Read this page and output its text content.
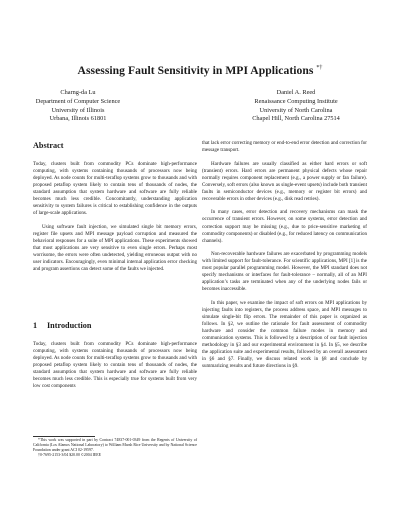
Assessing Fault Sensitivity in MPI Applications *†
Charng-da Lu
Department of Computer Science
University of Illinois
Urbana, Illinois 61801
Daniel A. Reed
Renaissance Computing Institute
University of North Carolina
Chapel Hill, North Carolina 27514
Abstract

Today, clusters built from commodity PCs dominate high-performance computing, with systems containing thousands of processors now being deployed. As node counts for multi-teraflop systems grow to thousands and with proposed petaflop system likely to contain tens of thousands of nodes, the standard assumption that system hardware and software are fully reliable becomes much less credible. Concomitantly, understanding application sensitivity to system failures is critical to establishing confidence in the outputs of large-scale applications.

Using software fault injection, we simulated single bit memory errors, register file upsets and MPI message payload corruption and measured the behavioral responses for a suite of MPI applications. These experiments showed that most applications are very sensitive to even single errors. Perhaps most worrisome, the errors were often undetected, yielding erroneous output with no user indicators. Encouragingly, even minimal internal application error checking and program assertions can detect some of the faults we injected.

1 Introduction

Today, clusters built from commodity PCs dominate high-performance computing, with systems containing thousands of processors now being deployed. As node counts for multi-teraflop systems grow to thousands and with proposed petaflop system likely to contain tens of thousands of nodes, the standard assumption that system hardware and software are fully reliable becomes much less credible. This is especially true for systems built from very low cost components

*This work was supported in part by Contract 74837-001-0349 from the Regents of University of California (Los Alamos National Laboratory) to William Marsh Rice University and by National Science Foundation under grant ACI 02-19597.

†0-7695-2153-3/04 $20.00 ©2004 IEEE

that lack error correcting memory or end-to-end error detection and correction for message transport.

Hardware failures are usually classified as either hard errors or soft (transient) errors. Hard errors are permanent physical defects whose repair normally requires component replacement (e.g., a power supply or fan failure). Conversely, soft errors (also known as single-event upsets) include both transient faults in semiconductor devices (e.g., memory or register bit errors) and recoverable errors in other devices (e.g., disk read retries).

In many cases, error detection and recovery mechanisms can mask the occurrence of transient errors. However, on some systems, error detection and correction support may be missing (e.g., due to price-sensitive marketing of commodity components) or disabled (e.g., for reduced latency on communication channels).

Non-recoverable hardware failures are exacerbated by programming models with limited support for fault-tolerance. For scientific applications, MPI [1] is the most popular parallel programming model. However, the MPI standard does not specify mechanisms or interfaces for fault-tolerance – normally, all of an MPI application’s tasks are terminated when any of the underlying nodes fails or becomes inaccessible.

In this paper, we examine the impact of soft errors on MPI applications by injecting faults into registers, the process address space, and MPI messages to simulate single-bit flip errors. The remainder of this paper is organized as follows. In §2, we outline the rationale for fault assessment of commodity hardware and consider the common failure modes in memory and communication systems. This is followed by a description of our fault injection methodology in §3 and our experimental environment in §4. In §5, we describe the application suite and experimental results, followed by an overall assessment in §6 and §7. Finally, we discuss related work in §8 and conclude by summarizing results and future directions in §9.
